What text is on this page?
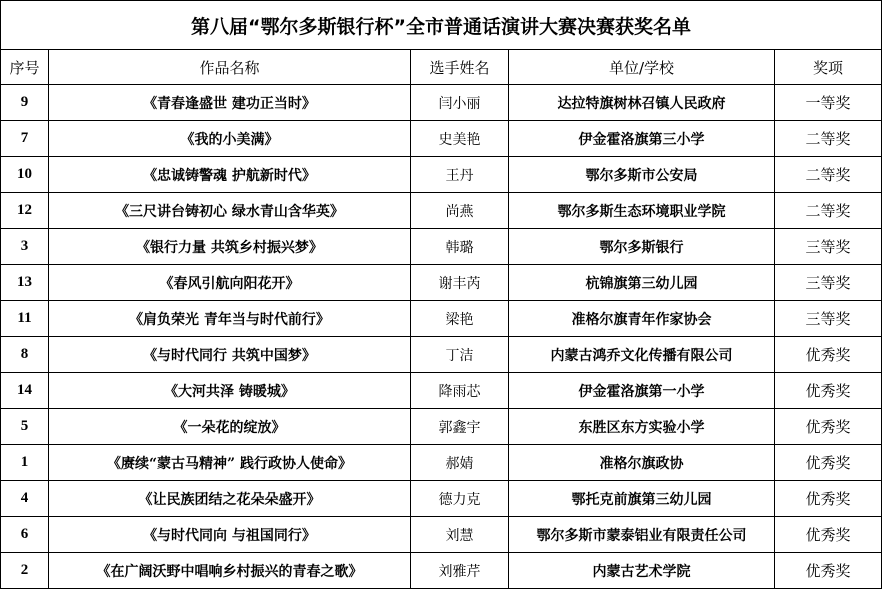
第八届“鄂尔多斯银行杯”全市普通话演讲大赛决赛获奖名单				
序号	作品名称	选手姓名	单位/学校	奖项
9	《青春逢盛世 建功正当时》	闫小丽	达拉特旗树林召镇人民政府	一等奖
7	《我的小美满》	史美艳	伊金霍洛旗第三小学	二等奖
10	《忠诚铸警魂 护航新时代》	王丹	鄂尔多斯市公安局	二等奖
12	《三尺讲台铸初心 绿水青山含华英》	尚燕	鄂尔多斯生态环境职业学院	二等奖
3	《银行力量 共筑乡村振兴梦》	韩璐	鄂尔多斯银行	三等奖
13	《春风引航向阳花开》	谢丰芮	杭锦旗第三幼儿园	三等奖
11	《肩负荣光 青年当与时代前行》	梁艳	准格尔旗青年作家协会	三等奖
8	《与时代同行 共筑中国梦》	丁洁	内蒙古鸿乔文化传播有限公司	优秀奖
14	《大河共泽 铸暖城》	降雨芯	伊金霍洛旗第一小学	优秀奖
5	《一朵花的绽放》	郭鑫宇	东胜区东方实验小学	优秀奖
1	《赓续“蒙古马精神” 践行政协人使命》	郝婧	准格尔旗政协	优秀奖
4	《让民族团结之花朵朵盛开》	德力克	鄂托克前旗第三幼儿园	优秀奖
6	《与时代同向 与祖国同行》	刘慧	鄂尔多斯市蒙泰铝业有限责任公司	优秀奖
2	《在广阔沃野中唱响乡村振兴的青春之歌》	刘雅芹	内蒙古艺术学院	优秀奖
